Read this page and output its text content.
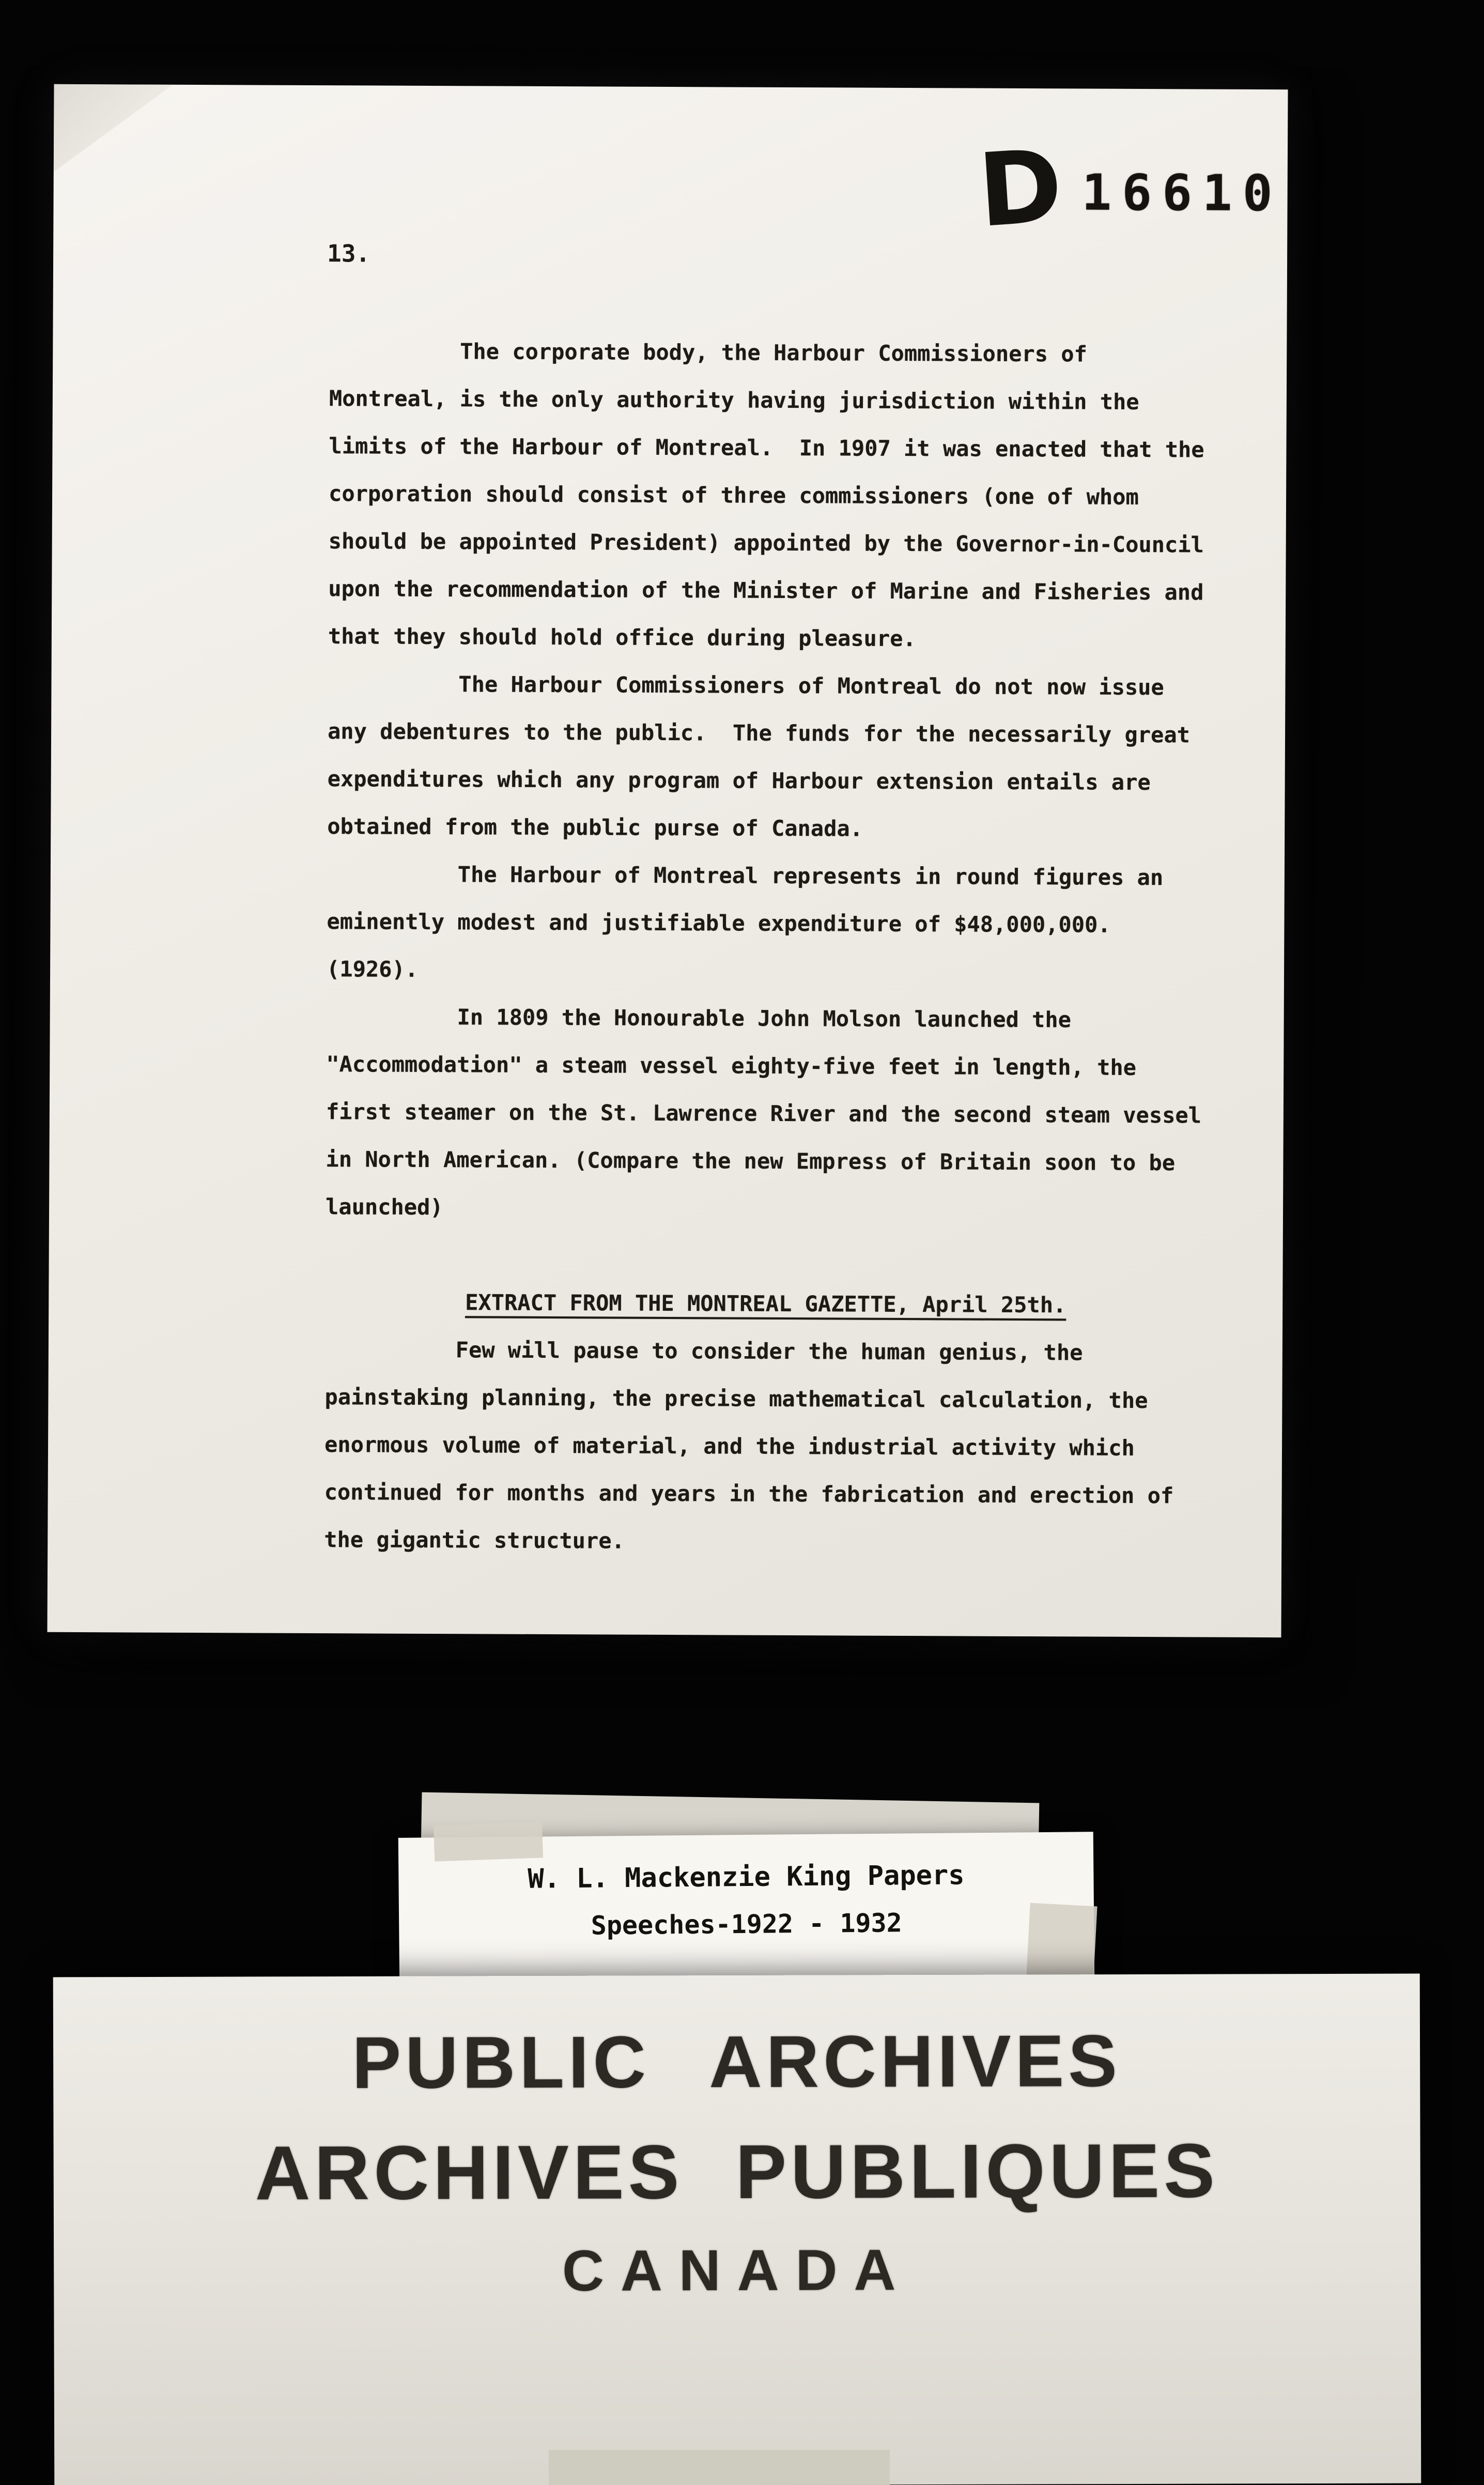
13.
D 16610

The corporate body, the Harbour Commissioners of Montreal, is the only authority having jurisdiction within the limits of the Harbour of Montreal.  In 1907 it was enacted that the corporation should consist of three commissioners (one of whom should be appointed President) appointed by the Governor-in-Council upon the recommendation of the Minister of Marine and Fisheries and that they should hold office during pleasure.

The Harbour Commissioners of Montreal do not now issue any debentures to the public.  The funds for the necessarily great expenditures which any program of Harbour extension entails are obtained from the public purse of Canada.

The Harbour of Montreal represents in round figures an eminently modest and justifiable expenditure of $48,000,000. (1926).

In 1809 the Honourable John Molson launched the "Accommodation" a steam vessel eighty-five feet in length, the first steamer on the St. Lawrence River and the second steam vessel in North American. (Compare the new Empress of Britain soon to be launched)

EXTRACT FROM THE MONTREAL GAZETTE, April 25th.

Few will pause to consider the human genius, the painstaking planning, the precise mathematical calculation, the enormous volume of material, and the industrial activity which continued for months and years in the fabrication and erection of the gigantic structure.

W. L. Mackenzie King Papers
Speeches-1922 - 1932
PUBLIC ARCHIVES
ARCHIVES PUBLIQUES
CANADA
